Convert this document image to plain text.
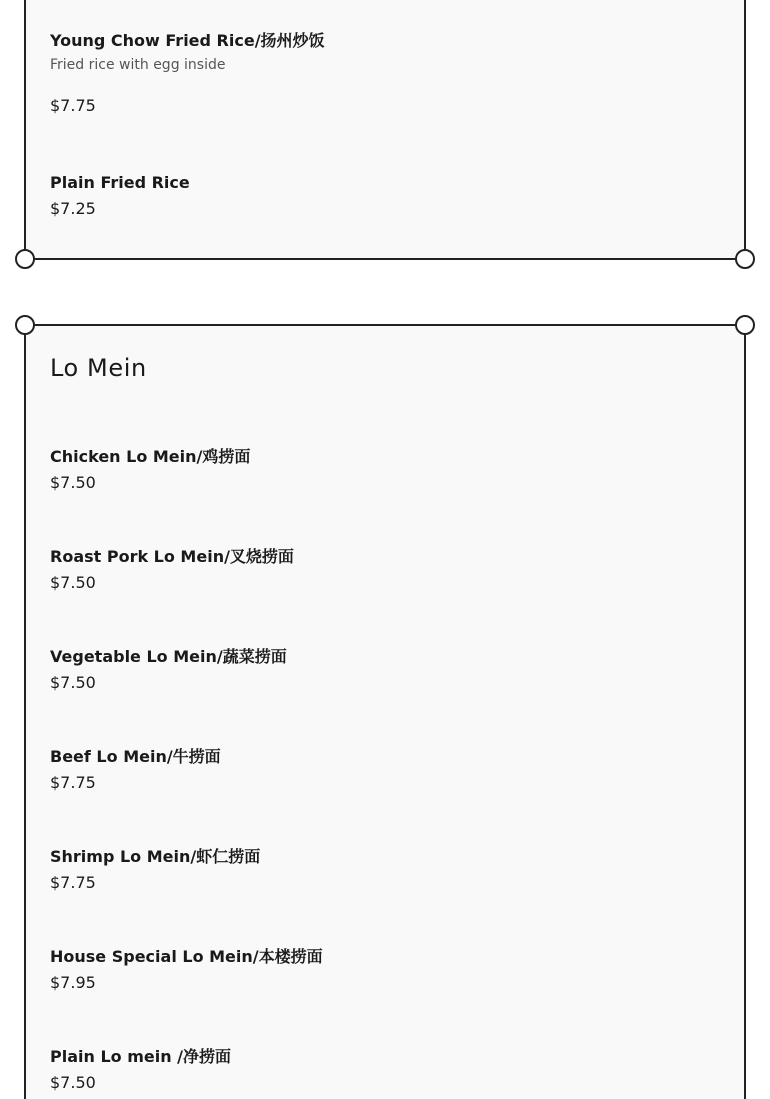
Young Chow Fried Rice/扬州炒饭
Fried rice with egg inside
$7.75
Plain Fried Rice
$7.25
Lo Mein
Chicken Lo Mein/鸡捞面
$7.50
Roast Pork Lo Mein/叉烧捞面
$7.50
Vegetable Lo Mein/蔬菜捞面
$7.50
Beef Lo Mein/牛捞面
$7.75
Shrimp Lo Mein/虾仁捞面
$7.75
House Special Lo Mein/本楼捞面
$7.95
Plain Lo mein /净捞面
$7.50
